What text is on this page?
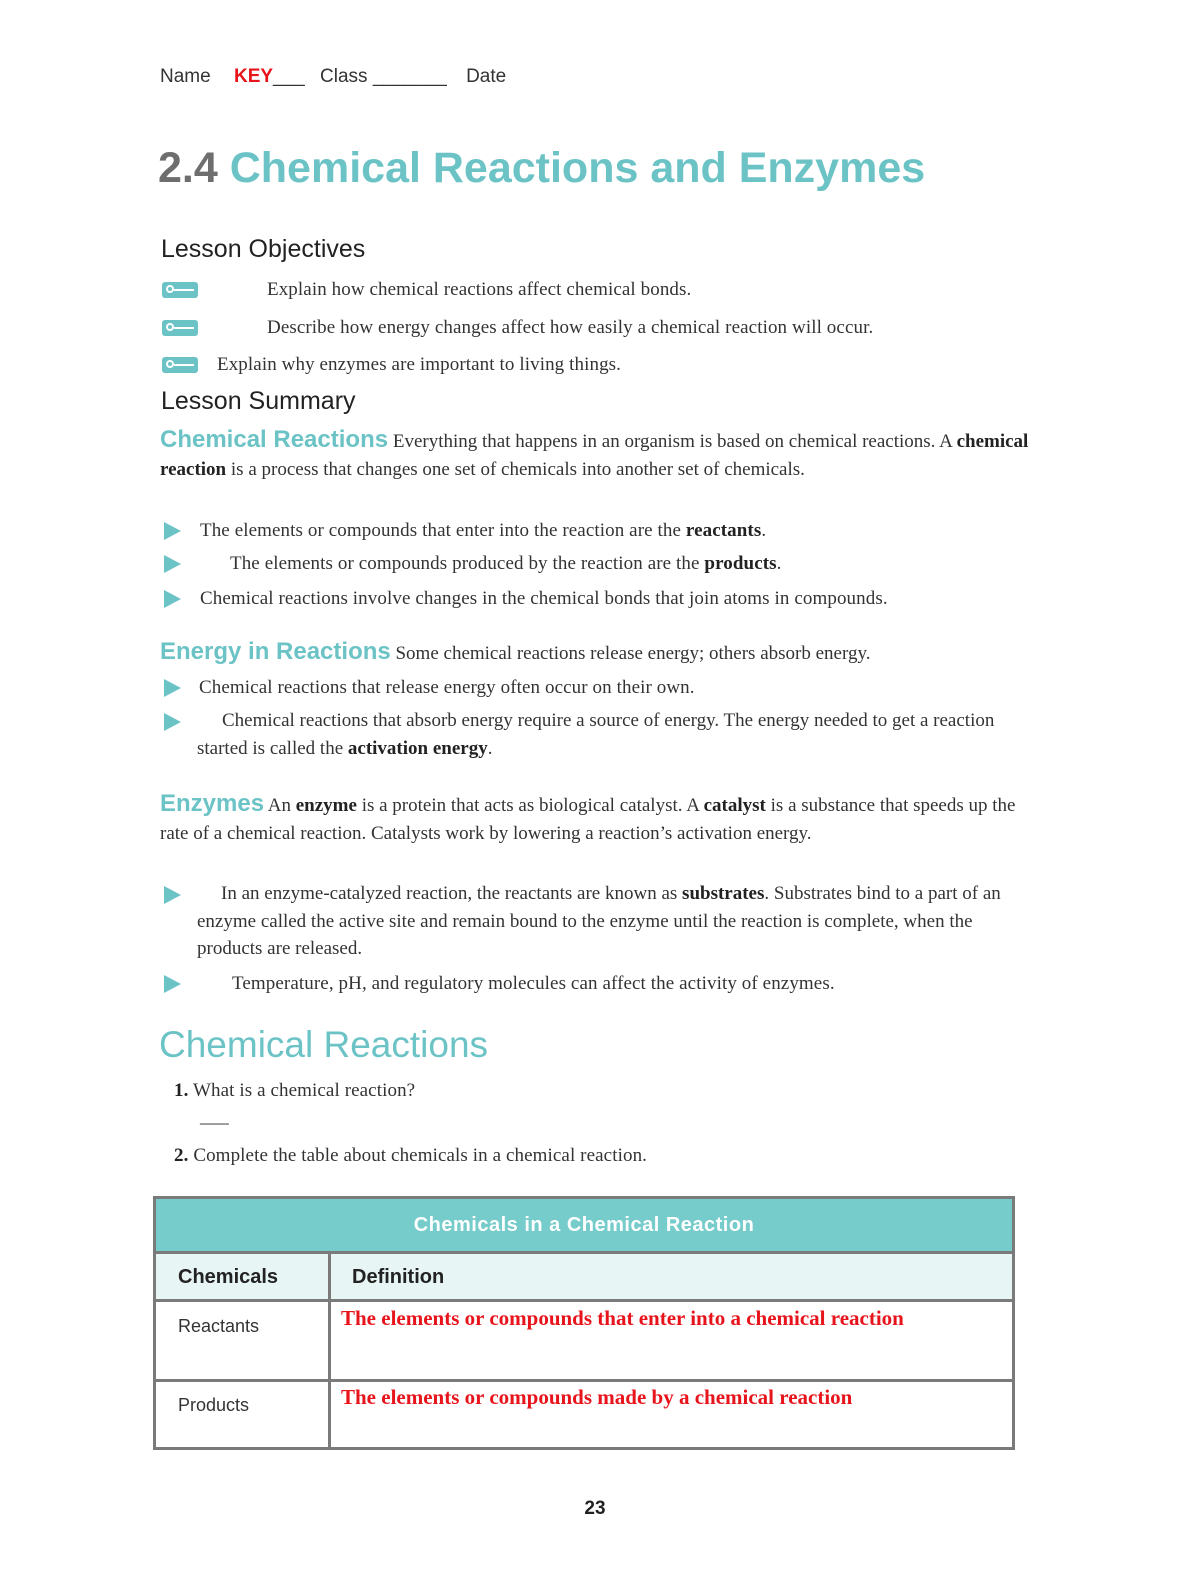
Name KEY___ Class _______ Date
2.4 Chemical Reactions and Enzymes
Lesson Objectives
Explain how chemical reactions affect chemical bonds.
Describe how energy changes affect how easily a chemical reaction will occur.
Explain why enzymes are important to living things.
Lesson Summary
Chemical Reactions Everything that happens in an organism is based on chemical reactions. A chemical reaction is a process that changes one set of chemicals into another set of chemicals.
The elements or compounds that enter into the reaction are the reactants.
The elements or compounds produced by the reaction are the products.
Chemical reactions involve changes in the chemical bonds that join atoms in compounds.
Energy in Reactions Some chemical reactions release energy; others absorb energy.
Chemical reactions that release energy often occur on their own.
Chemical reactions that absorb energy require a source of energy. The energy needed to get a reaction started is called the activation energy.
Enzymes An enzyme is a protein that acts as biological catalyst. A catalyst is a substance that speeds up the rate of a chemical reaction. Catalysts work by lowering a reaction’s activation energy.
In an enzyme-catalyzed reaction, the reactants are known as substrates. Substrates bind to a part of an enzyme called the active site and remain bound to the enzyme until the reaction is complete, when the products are released.
Temperature, pH, and regulatory molecules can affect the activity of enzymes.
Chemical Reactions
1. What is a chemical reaction?
___
2. Complete the table about chemicals in a chemical reaction.
Chemicals in a Chemical Reaction
Chemicals	Definition
Reactants	The elements or compounds that enter into a chemical reaction
Products	The elements or compounds made by a chemical reaction
23
